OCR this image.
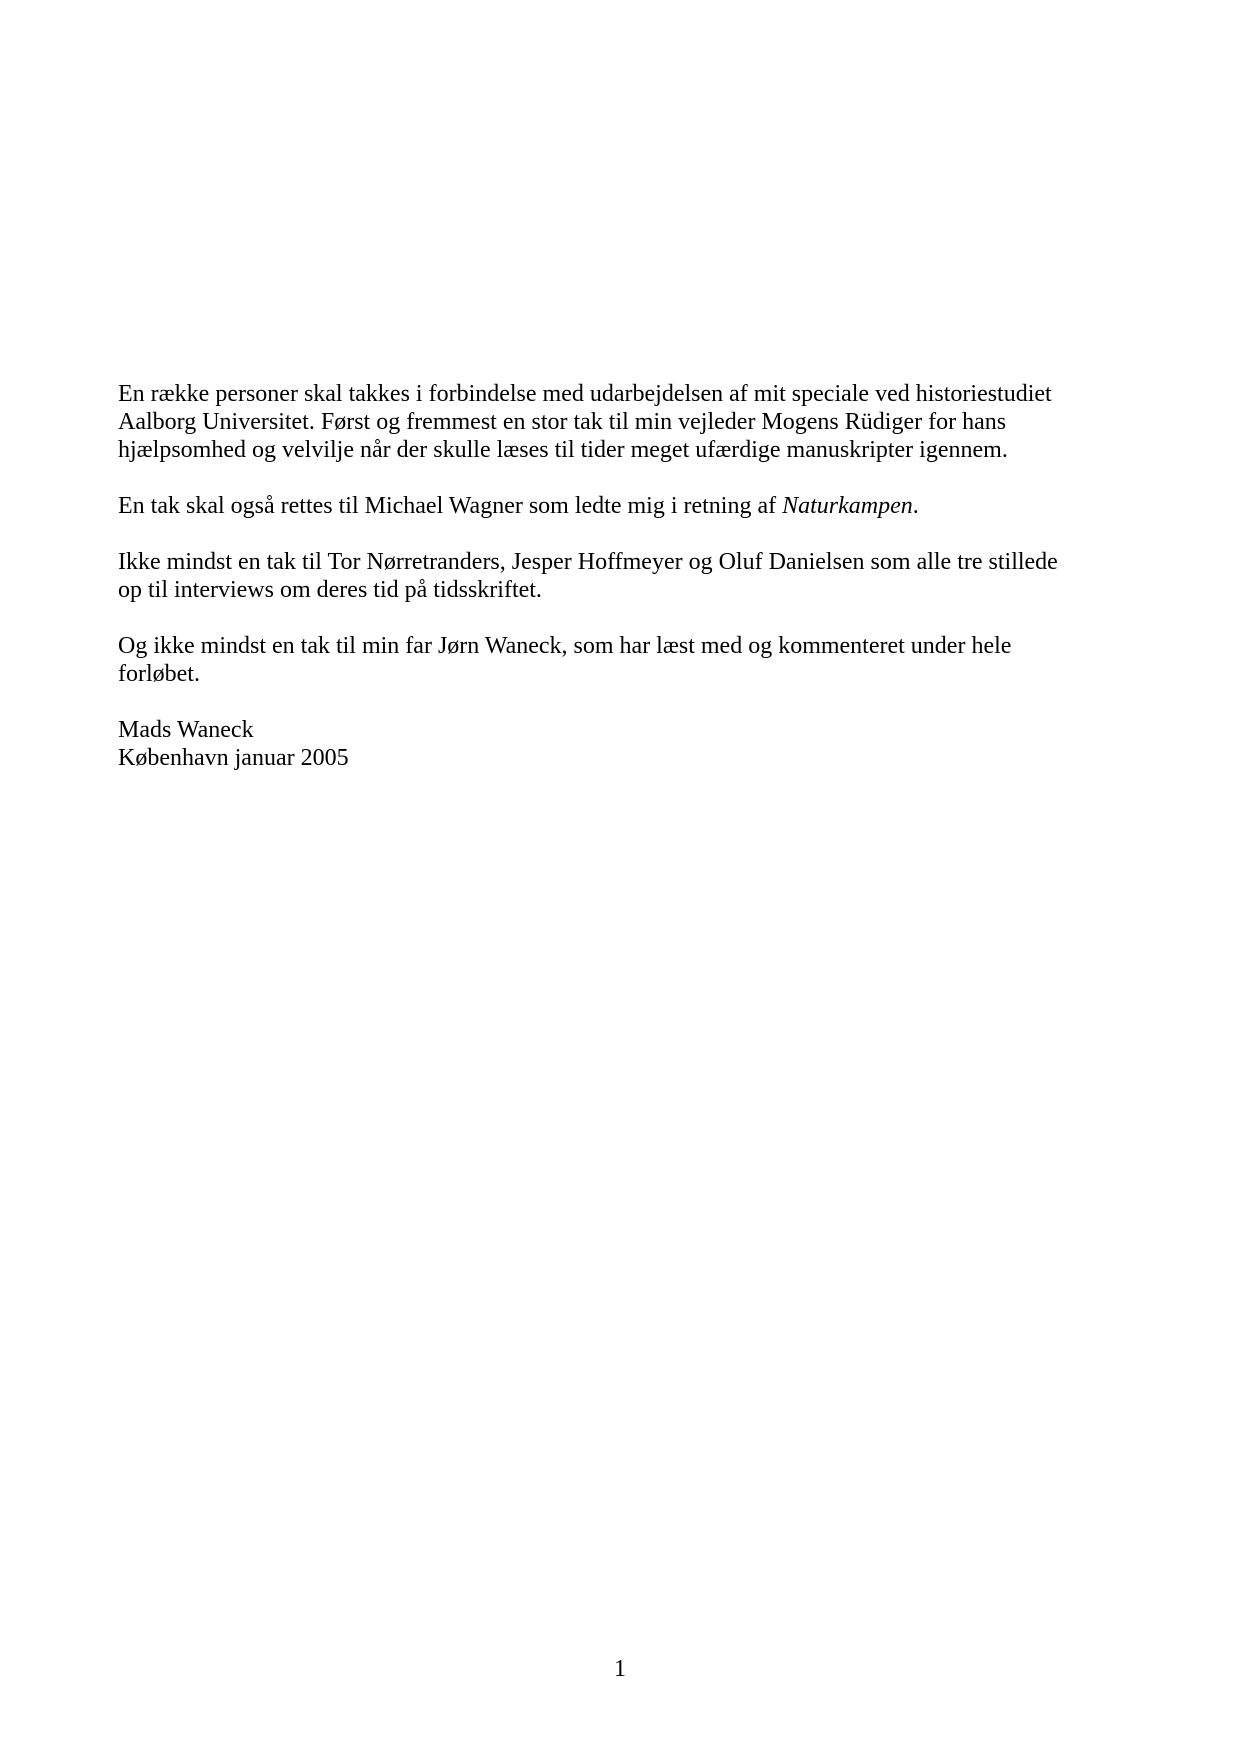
En række personer skal takkes i forbindelse med udarbejdelsen af mit speciale ved historiestudiet
Aalborg Universitet. Først og fremmest en stor tak til min vejleder Mogens Rüdiger for hans
hjælpsomhed og velvilje når der skulle læses til tider meget ufærdige manuskripter igennem.

En tak skal også rettes til Michael Wagner som ledte mig i retning af Naturkampen.

Ikke mindst en tak til Tor Nørretranders, Jesper Hoffmeyer og Oluf Danielsen som alle tre stillede
op til interviews om deres tid på tidsskriftet.

Og ikke mindst en tak til min far Jørn Waneck, som har læst med og kommenteret under hele
forløbet.

Mads Waneck
København januar 2005

1
